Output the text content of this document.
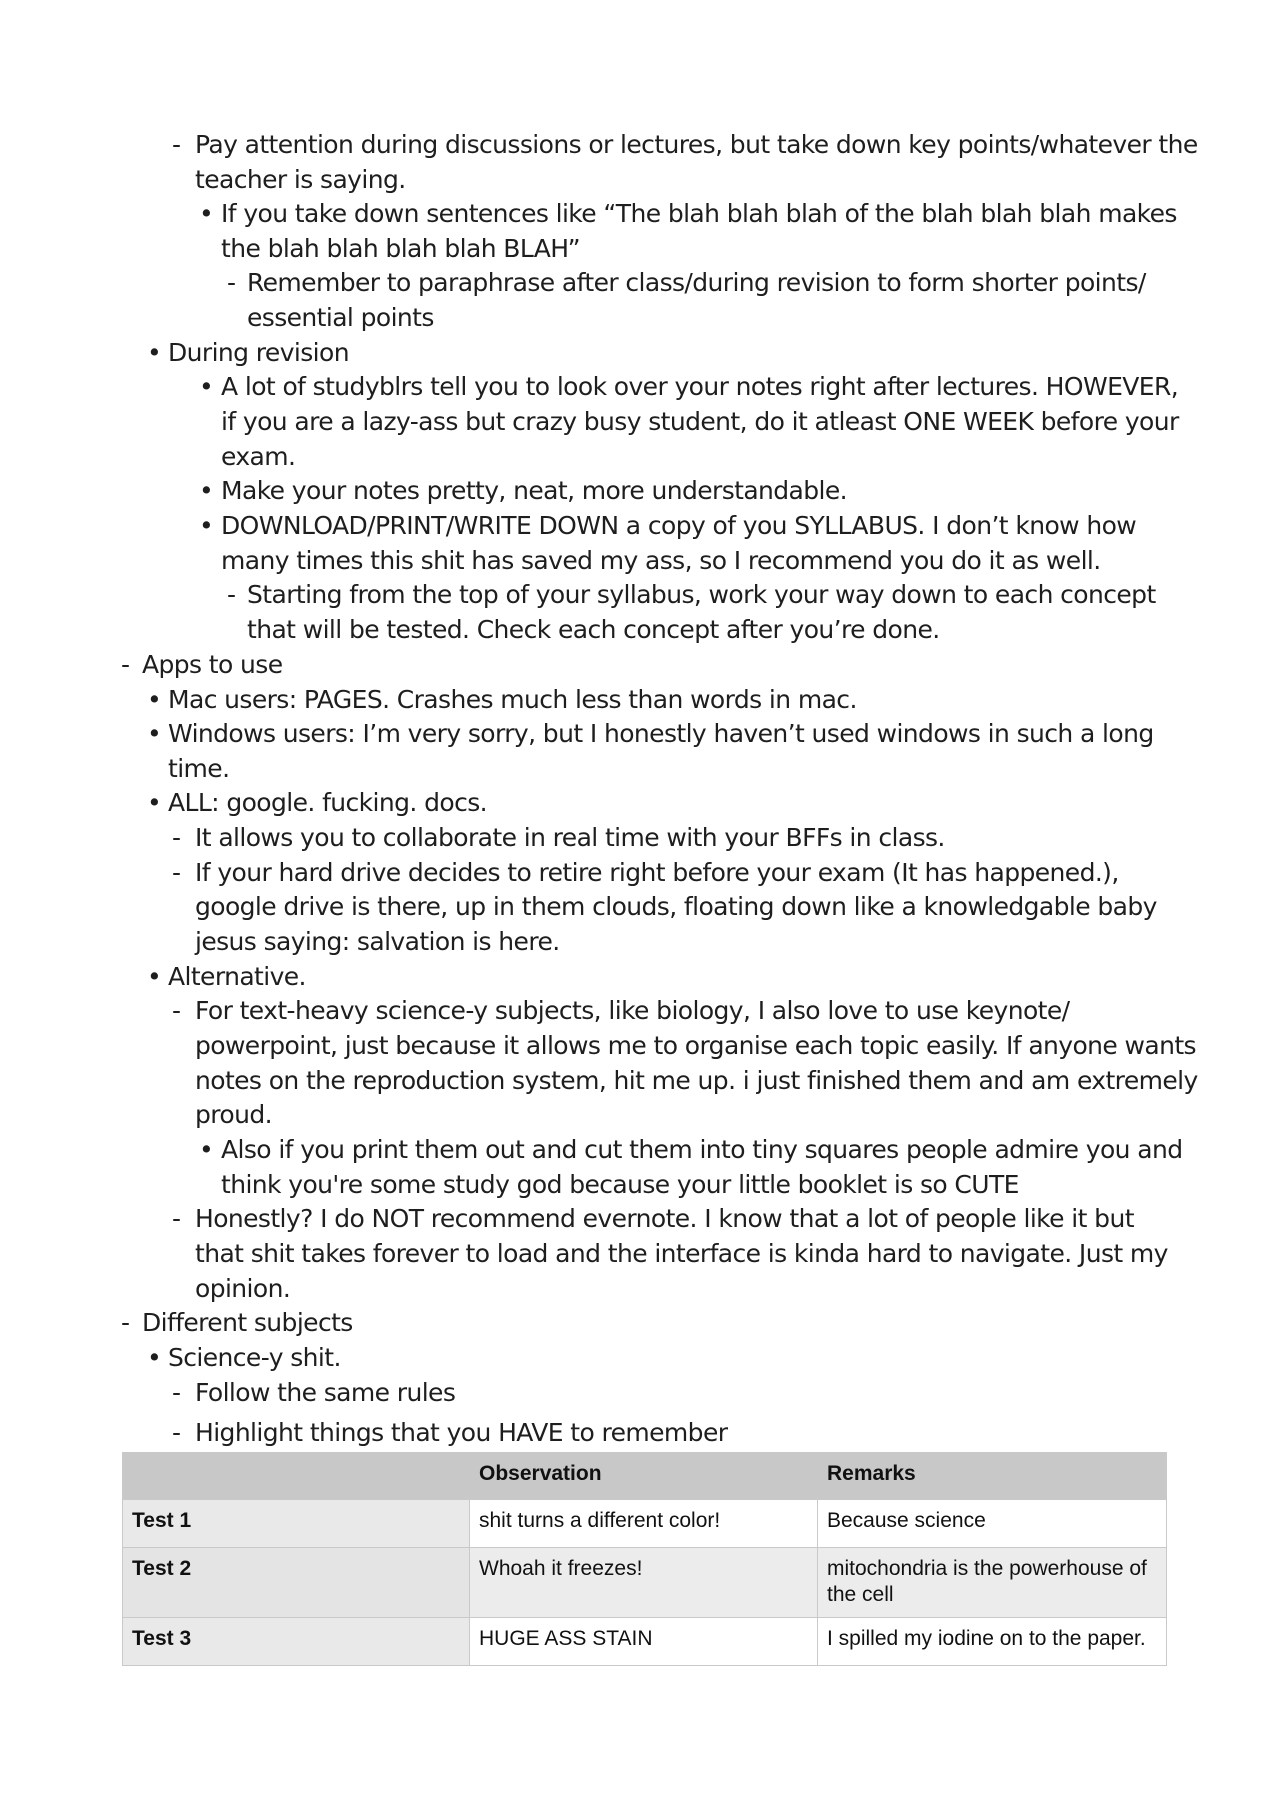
- Pay attention during discussions or lectures, but take down key points/whatever the
teacher is saying.
• If you take down sentences like “The blah blah blah of the blah blah blah makes
the blah blah blah blah BLAH”
- Remember to paraphrase after class/during revision to form shorter points/
essential points
• During revision
• A lot of studyblrs tell you to look over your notes right after lectures. HOWEVER,
if you are a lazy-ass but crazy busy student, do it atleast ONE WEEK before your
exam.
• Make your notes pretty, neat, more understandable.
• DOWNLOAD/PRINT/WRITE DOWN a copy of you SYLLABUS. I don’t know how
many times this shit has saved my ass, so I recommend you do it as well.
- Starting from the top of your syllabus, work your way down to each concept
that will be tested. Check each concept after you’re done.
- Apps to use
• Mac users: PAGES. Crashes much less than words in mac.
• Windows users: I’m very sorry, but I honestly haven’t used windows in such a long
time.
• ALL: google. fucking. docs.
- It allows you to collaborate in real time with your BFFs in class.
- If your hard drive decides to retire right before your exam (It has happened.),
google drive is there, up in them clouds, floating down like a knowledgable baby
jesus saying: salvation is here.
• Alternative.
- For text-heavy science-y subjects, like biology, I also love to use keynote/
powerpoint, just because it allows me to organise each topic easily. If anyone wants
notes on the reproduction system, hit me up. i just finished them and am extremely
proud.
• Also if you print them out and cut them into tiny squares people admire you and
think you're some study god because your little booklet is so CUTE
- Honestly? I do NOT recommend evernote. I know that a lot of people like it but
that shit takes forever to load and the interface is kinda hard to navigate. Just my
opinion.
- Different subjects
• Science-y shit.
- Follow the same rules
- Highlight things that you HAVE to remember
	Observation	Remarks
Test 1	shit turns a different color!	Because science
Test 2	Whoah it freezes!	mitochondria is the powerhouse of the cell
Test 3	HUGE ASS STAIN	I spilled my iodine on to the paper.
